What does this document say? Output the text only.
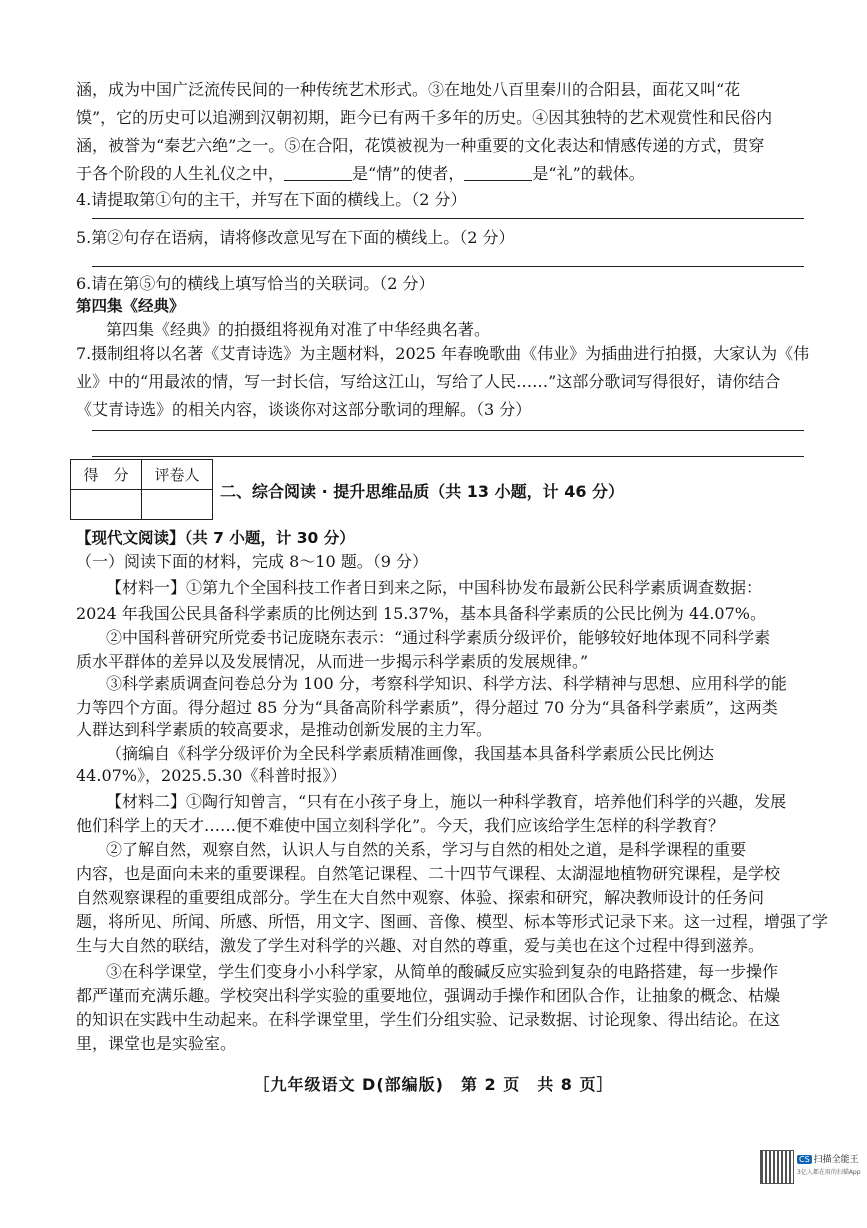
涵，成为中国广泛流传民间的一种传统艺术形式。③在地处八百里秦川的合阳县，面花又叫“花
馍”，它的历史可以追溯到汉朝初期，距今已有两千多年的历史。④因其独特的艺术观赏性和民俗内
涵，被誉为“秦艺六绝”之一。⑤在合阳，花馍被视为一种重要的文化表达和情感传递的方式，贯穿
于各个阶段的人生礼仪之中，	是“情”的使者，	是“礼”的载体。
4.请提取第①句的主干，并写在下面的横线上。（2 分）
5.第②句存在语病，请将修改意见写在下面的横线上。（2 分）
6.请在第⑤句的横线上填写恰当的关联词。（2 分）
第四集《经典》
第四集《经典》的拍摄组将视角对准了中华经典名著。
7.摄制组将以名著《艾青诗选》为主题材料，2025 年春晚歌曲《伟业》为插曲进行拍摄，大家认为《伟
业》中的“用最浓的情，写一封长信，写给这江山，写给了人民……”这部分歌词写得很好，请你结合
《艾青诗选》的相关内容，谈谈你对这部分歌词的理解。（3 分）
得　分	评卷人

二、综合阅读 · 提升思维品质（共 13 小题，计 46 分）
【现代文阅读】（共 7 小题，计 30 分）
（一）阅读下面的材料，完成 8～10 题。（9 分）
【材料一】①第九个全国科技工作者日到来之际，中国科协发布最新公民科学素质调查数据：
2024 年我国公民具备科学素质的比例达到 15.37%，基本具备科学素质的公民比例为 44.07%。
②中国科普研究所党委书记庞晓东表示：“通过科学素质分级评价，能够较好地体现不同科学素
质水平群体的差异以及发展情况，从而进一步揭示科学素质的发展规律。”
③科学素质调查问卷总分为 100 分，考察科学知识、科学方法、科学精神与思想、应用科学的能
力等四个方面。得分超过 85 分为“具备高阶科学素质”，得分超过 70 分为“具备科学素质”，这两类
人群达到科学素质的较高要求，是推动创新发展的主力军。
（摘编自《科学分级评价为全民科学素质精准画像，我国基本具备科学素质公民比例达
44.07%》，2025.5.30《科普时报》）
【材料二】①陶行知曾言，“只有在小孩子身上，施以一种科学教育，培养他们科学的兴趣，发展
他们科学上的天才……便不难使中国立刻科学化”。今天，我们应该给学生怎样的科学教育？
②了解自然，观察自然，认识人与自然的关系，学习与自然的相处之道，是科学课程的重要
内容，也是面向未来的重要课程。自然笔记课程、二十四节气课程、太湖湿地植物研究课程，是学校
自然观察课程的重要组成部分。学生在大自然中观察、体验、探索和研究，解决教师设计的任务问
题，将所见、所闻、所感、所悟，用文字、图画、音像、模型、标本等形式记录下来。这一过程，增强了学
生与大自然的联结，激发了学生对科学的兴趣、对自然的尊重，爱与美也在这个过程中得到滋养。
③在科学课堂，学生们变身小小科学家，从简单的酸碱反应实验到复杂的电路搭建，每一步操作
都严谨而充满乐趣。学校突出科学实验的重要地位，强调动手操作和团队合作，让抽象的概念、枯燥
的知识在实践中生动起来。在科学课堂里，学生们分组实验、记录数据、讨论现象、得出结论。在这
里，课堂也是实验室。
［九年级语文 D(部编版)　第 2 页　共 8 页］
CS 扫描全能王
3亿人都在用的扫描App
